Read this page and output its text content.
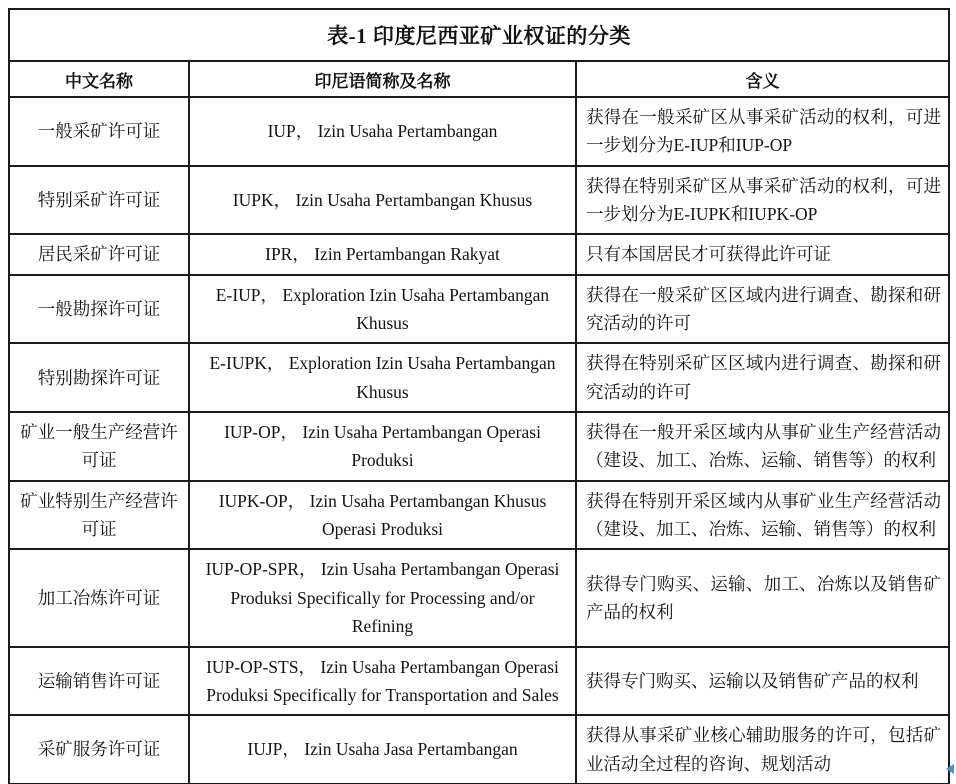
表-1 印度尼西亚矿业权证的分类		
中文名称	印尼语简称及名称	含义
一般采矿许可证	IUP， Izin Usaha Pertambangan	获得在一般采矿区从事采矿活动的权利，可进一步划分为E-IUP和IUP-OP
特别采矿许可证	IUPK， Izin Usaha Pertambangan Khusus	获得在特别采矿区从事采矿活动的权利，可进一步划分为E-IUPK和IUPK-OP
居民采矿许可证	IPR， Izin Pertambangan Rakyat	只有本国居民才可获得此许可证
一般勘探许可证	E-IUP， Exploration Izin Usaha Pertambangan Khusus	获得在一般采矿区区域内进行调查、勘探和研究活动的许可
特别勘探许可证	E-IUPK， Exploration Izin Usaha Pertambangan Khusus	获得在特别采矿区区域内进行调查、勘探和研究活动的许可
矿业一般生产经营许可证	IUP-OP， Izin Usaha Pertambangan Operasi Produksi	获得在一般开采区域内从事矿业生产经营活动（建设、加工、冶炼、运输、销售等）的权利
矿业特别生产经营许可证	IUPK-OP， Izin Usaha Pertambangan Khusus Operasi Produksi	获得在特别开采区域内从事矿业生产经营活动（建设、加工、冶炼、运输、销售等）的权利
加工冶炼许可证	IUP-OP-SPR， Izin Usaha Pertambangan Operasi Produksi Specifically for Processing and/or Refining	获得专门购买、运输、加工、冶炼以及销售矿产品的权利
运输销售许可证	IUP-OP-STS， Izin Usaha Pertambangan Operasi Produksi Specifically for Transportation and Sales	获得专门购买、运输以及销售矿产品的权利
采矿服务许可证	IUJP， Izin Usaha Jasa Pertambangan	获得从事采矿业核心辅助服务的许可，包括矿业活动全过程的咨询、规划活动
